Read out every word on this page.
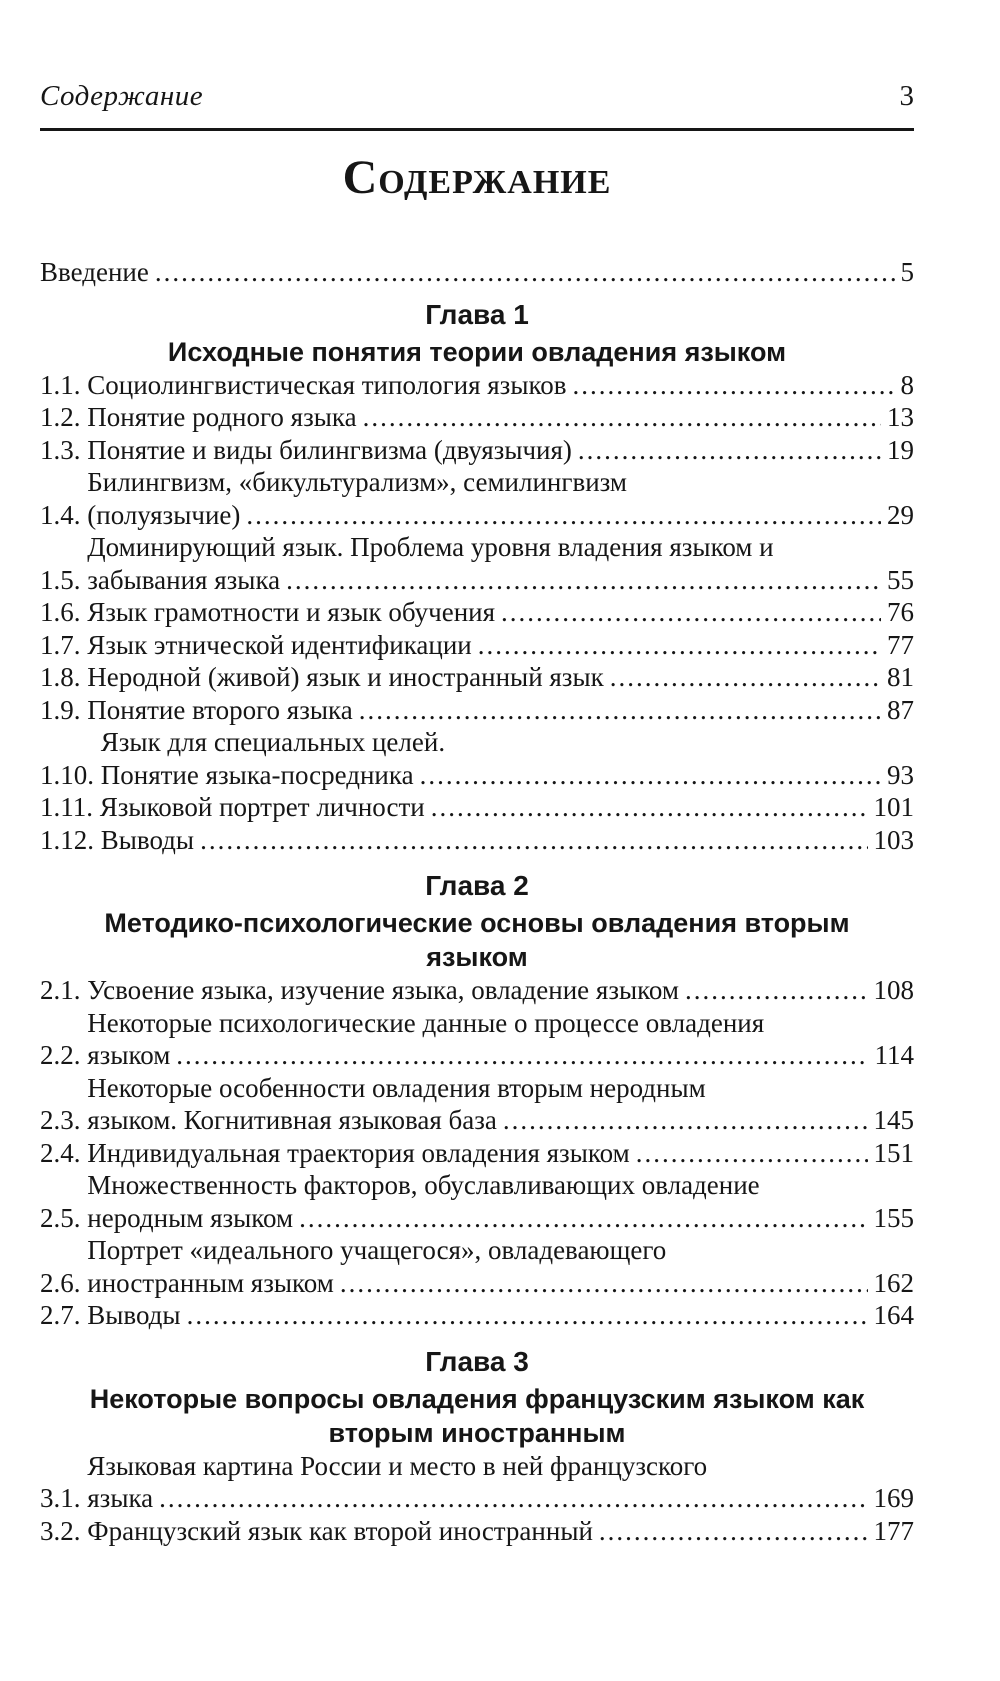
Содержание	3
Содержание
Введение .....	5
Глава 1
Исходные понятия теории овладения языком
1.1. Социолингвистическая типология языков .....	8
1.2. Понятие родного языка .....	13
1.3. Понятие и виды билингвизма (двуязычия) .....	19
1.4.
Билингвизм, «бикультурализм», семилингвизм
(полуязычие) .....	29
1.5.
Доминирующий язык. Проблема уровня владения языком и
забывания языка .....	55
1.6. Язык грамотности и язык обучения .....	76
1.7. Язык этнической идентификации .....	77
1.8. Неродной (живой) язык и иностранный язык .....	81
1.9. Понятие второго языка .....	87
1.10.
Язык для специальных целей.
Понятие языка-посредника .....	93
1.11. Языковой портрет личности .....	101
1.12. Выводы .....	103
Глава 2
Методико-психологические основы овладения вторым
языком
2.1. Усвоение языка, изучение языка, овладение языком .....	108
2.2.
Некоторые психологические данные о процессе овладения
языком .....	114
2.3.
Некоторые особенности овладения вторым неродным
языком. Когнитивная языковая база .....	145
2.4. Индивидуальная траектория овладения языком .....	151
2.5.
Множественность факторов, обуславливающих овладение
неродным языком .....	155
2.6.
Портрет «идеального учащегося», овладевающего
иностранным языком .....	162
2.7. Выводы .....	164
Глава 3
Некоторые вопросы овладения французским языком как
вторым иностранным
3.1.
Языковая картина России и место в ней французского
языка .....	169
3.2. Французский язык как второй иностранный .....	177
